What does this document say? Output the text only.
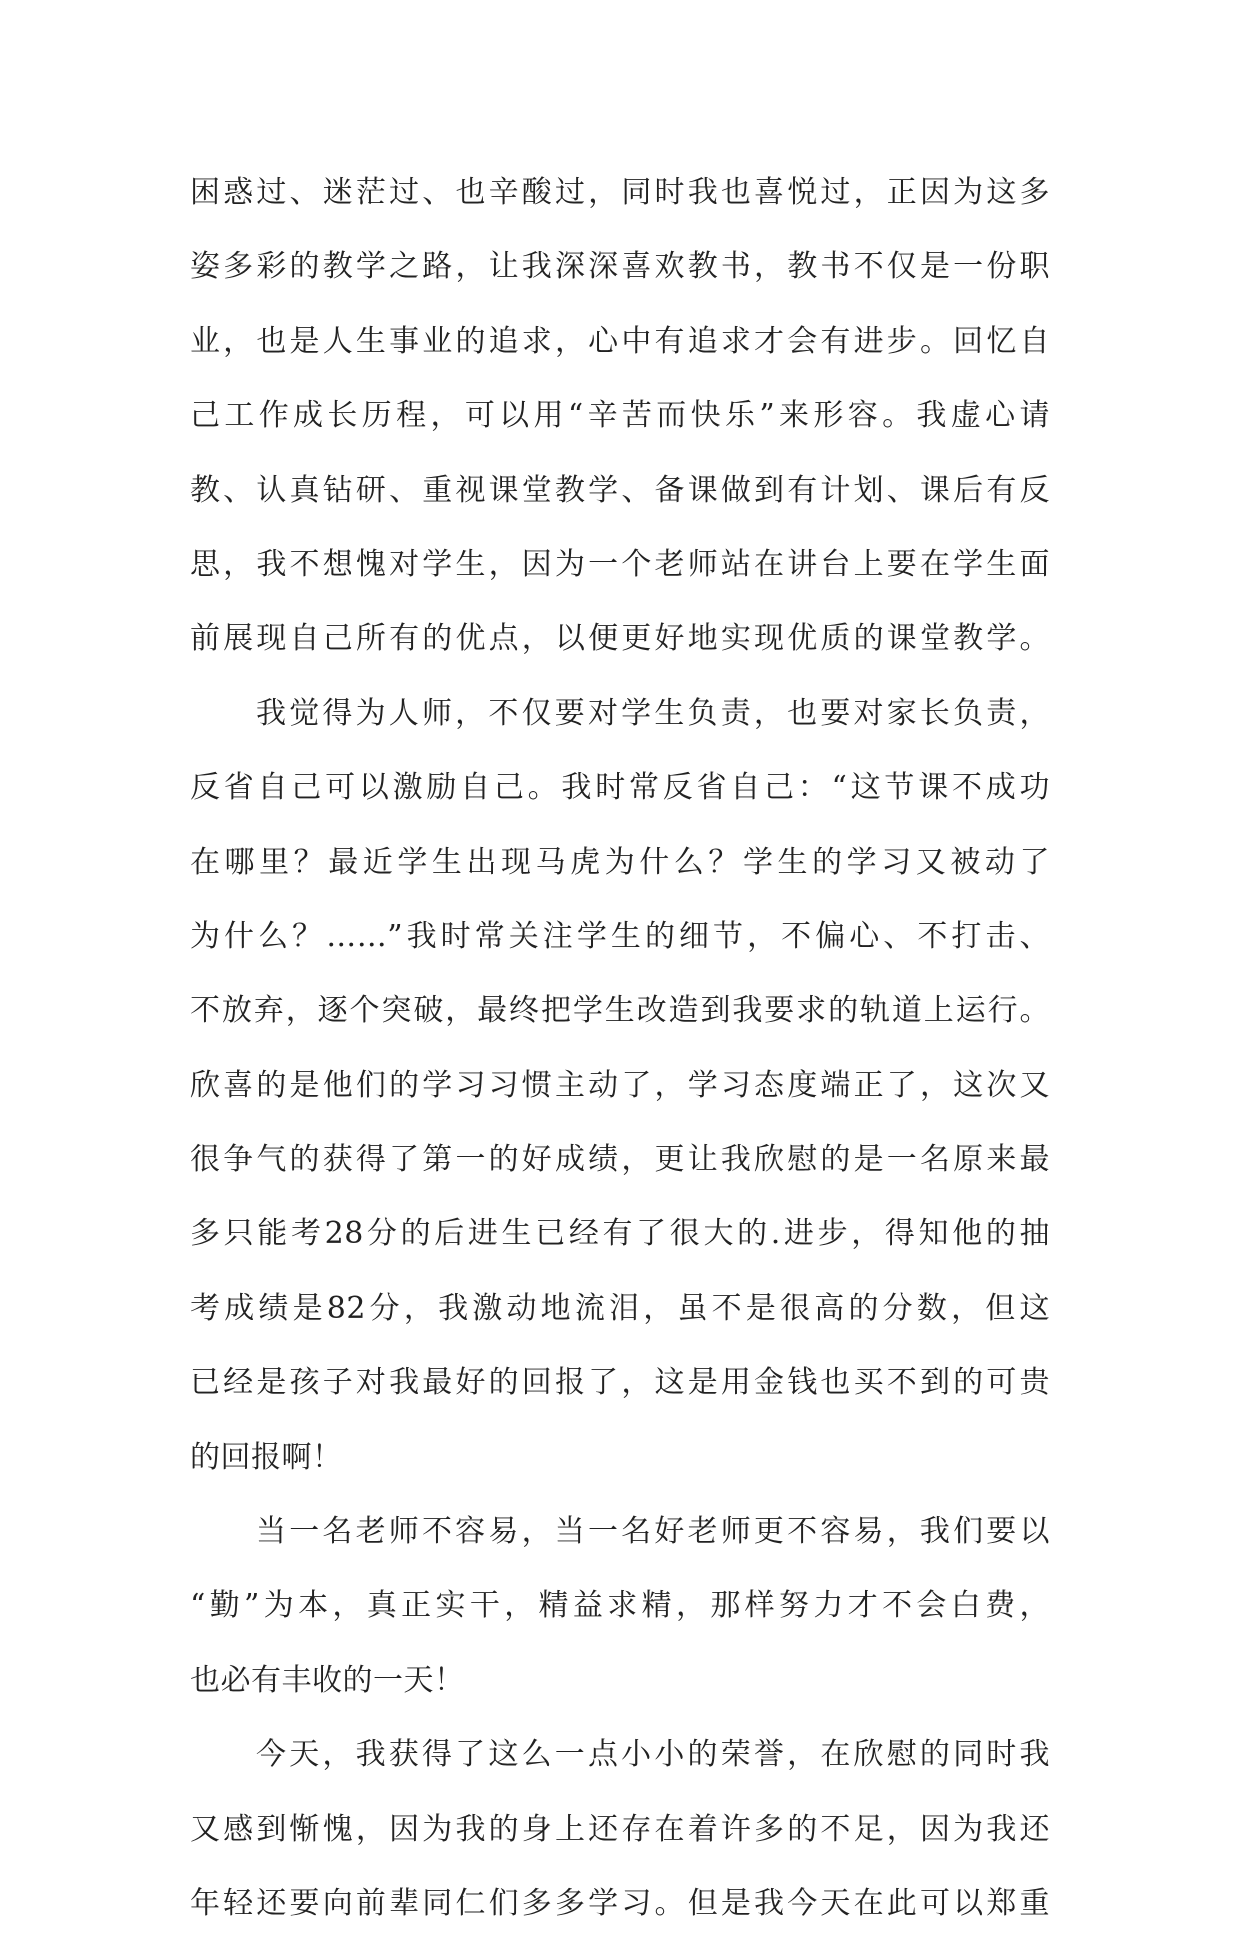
困惑过、迷茫过、也辛酸过，同时我也喜悦过，正因为这多
姿多彩的教学之路，让我深深喜欢教书，教书不仅是一份职
业，也是人生事业的追求，心中有追求才会有进步。回忆自
己工作成长历程，可以用“辛苦而快乐”来形容。我虚心请
教、认真钻研、重视课堂教学、备课做到有计划、课后有反
思，我不想愧对学生，因为一个老师站在讲台上要在学生面
前展现自己所有的优点，以便更好地实现优质的课堂教学。
我觉得为人师，不仅要对学生负责，也要对家长负责，
反省自己可以激励自己。我时常反省自己：“这节课不成功
在哪里？最近学生出现马虎为什么？学生的学习又被动了
为什么？……”我时常关注学生的细节，不偏心、不打击、
不放弃，逐个突破，最终把学生改造到我要求的轨道上运行。
欣喜的是他们的学习习惯主动了，学习态度端正了，这次又
很争气的获得了第一的好成绩，更让我欣慰的是一名原来最
多只能考28分的后进生已经有了很大的.进步，得知他的抽
考成绩是82分，我激动地流泪，虽不是很高的分数，但这
已经是孩子对我最好的回报了，这是用金钱也买不到的可贵
的回报啊！
当一名老师不容易，当一名好老师更不容易，我们要以
“勤”为本，真正实干，精益求精，那样努力才不会白费，
也必有丰收的一天！
今天，我获得了这么一点小小的荣誉，在欣慰的同时我
又感到惭愧，因为我的身上还存在着许多的不足，因为我还
年轻还要向前辈同仁们多多学习。但是我今天在此可以郑重
